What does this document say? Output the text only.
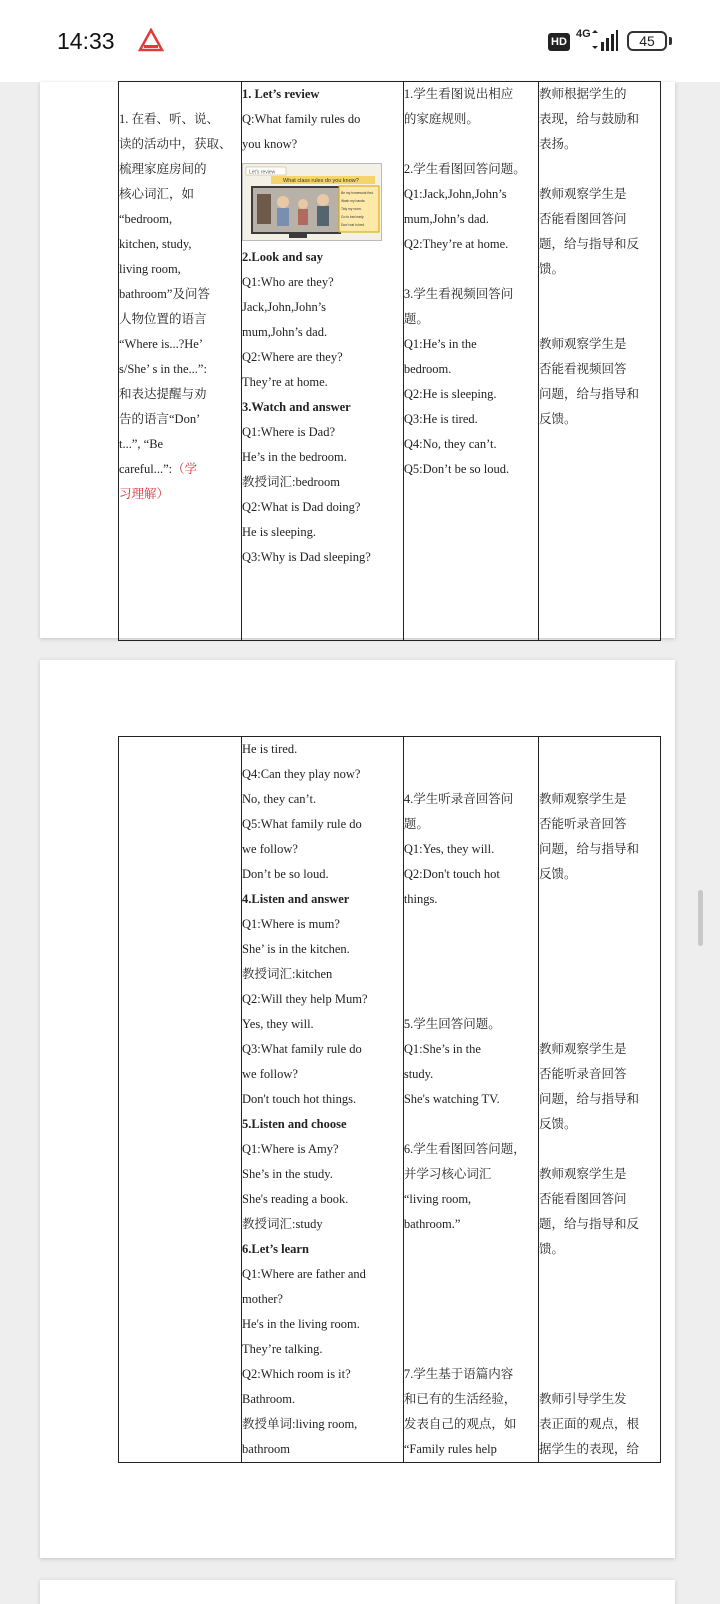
14:33	HD
4G	45
1. 在看、听、说、
读的活动中，获取、
梳理家庭房间的
核心词汇，如
“bedroom,
kitchen, study,
living room,
bathroom”及问答
人物位置的语言
“Where is...?He’
s/She’ s in the...”:
和表达提醒与劝
告的语言“Don’
t...”, “Be
careful...”:（学
习理解）

1. Let’s review
Q:What family rules do
you know?
Let's review
What class rules do you know?
Be my homework first.
Wash my hands.
Tidy my room.
Go to bed early.
Don't eat in bed.
2.Look and say
Q1:Who are they?
Jack,John,John’s
mum,John’s dad.
Q2:Where are they?
They’re at home.
3.Watch and answer
Q1:Where is Dad?
He’s in the bedroom.
教授词汇:bedroom
Q2:What is Dad doing?
He is sleeping.
Q3:Why is Dad sleeping?

1.学生看图说出相应
的家庭规则。
2.学生看图回答问题。
Q1:Jack,John,John’s
mum,John’s dad.
Q2:They’re at home.
3.学生看视频回答问
题。
Q1:He’s in the
bedroom.
Q2:He is sleeping.
Q3:He is tired.
Q4:No, they can’t.
Q5:Don’t be so loud.

教师根据学生的
表现，给与鼓励和
表扬。
教师观察学生是
否能看图回答问
题，给与指导和反
馈。
教师观察学生是
否能看视频回答
问题，给与指导和
反馈。

He is tired.
Q4:Can they play now?
No, they can’t.
Q5:What family rule do
we follow?
Don’t be so loud.
4.Listen and answer
Q1:Where is mum?
She’ is in the kitchen.
教授词汇:kitchen
Q2:Will they help Mum?
Yes, they will.
Q3:What family rule do
we follow?
Don't touch hot things.
5.Listen and choose
Q1:Where is Amy?
She’s in the study.
She's reading a book.
教授词汇:study
6.Let’s learn
Q1:Where are father and
mother?
He's in the living room.
They’re talking.
Q2:Which room is it?
Bathroom.
教授单词:living room,
bathroom

4.学生听录音回答问
题。
Q1:Yes, they will.
Q2:Don't touch hot
things.
5.学生回答问题。
Q1:She’s in the
study.
She's watching TV.
6.学生看图回答问题，
并学习核心词汇
“living room,
bathroom.”
7.学生基于语篇内容
和已有的生活经验，
发表自己的观点，如
“Family rules help

教师观察学生是
否能听录音回答
问题，给与指导和
反馈。
教师观察学生是
否能听录音回答
问题，给与指导和
反馈。
教师观察学生是
否能看图回答问
题，给与指导和反
馈。
教师引导学生发
表正面的观点，根
据学生的表现，给
